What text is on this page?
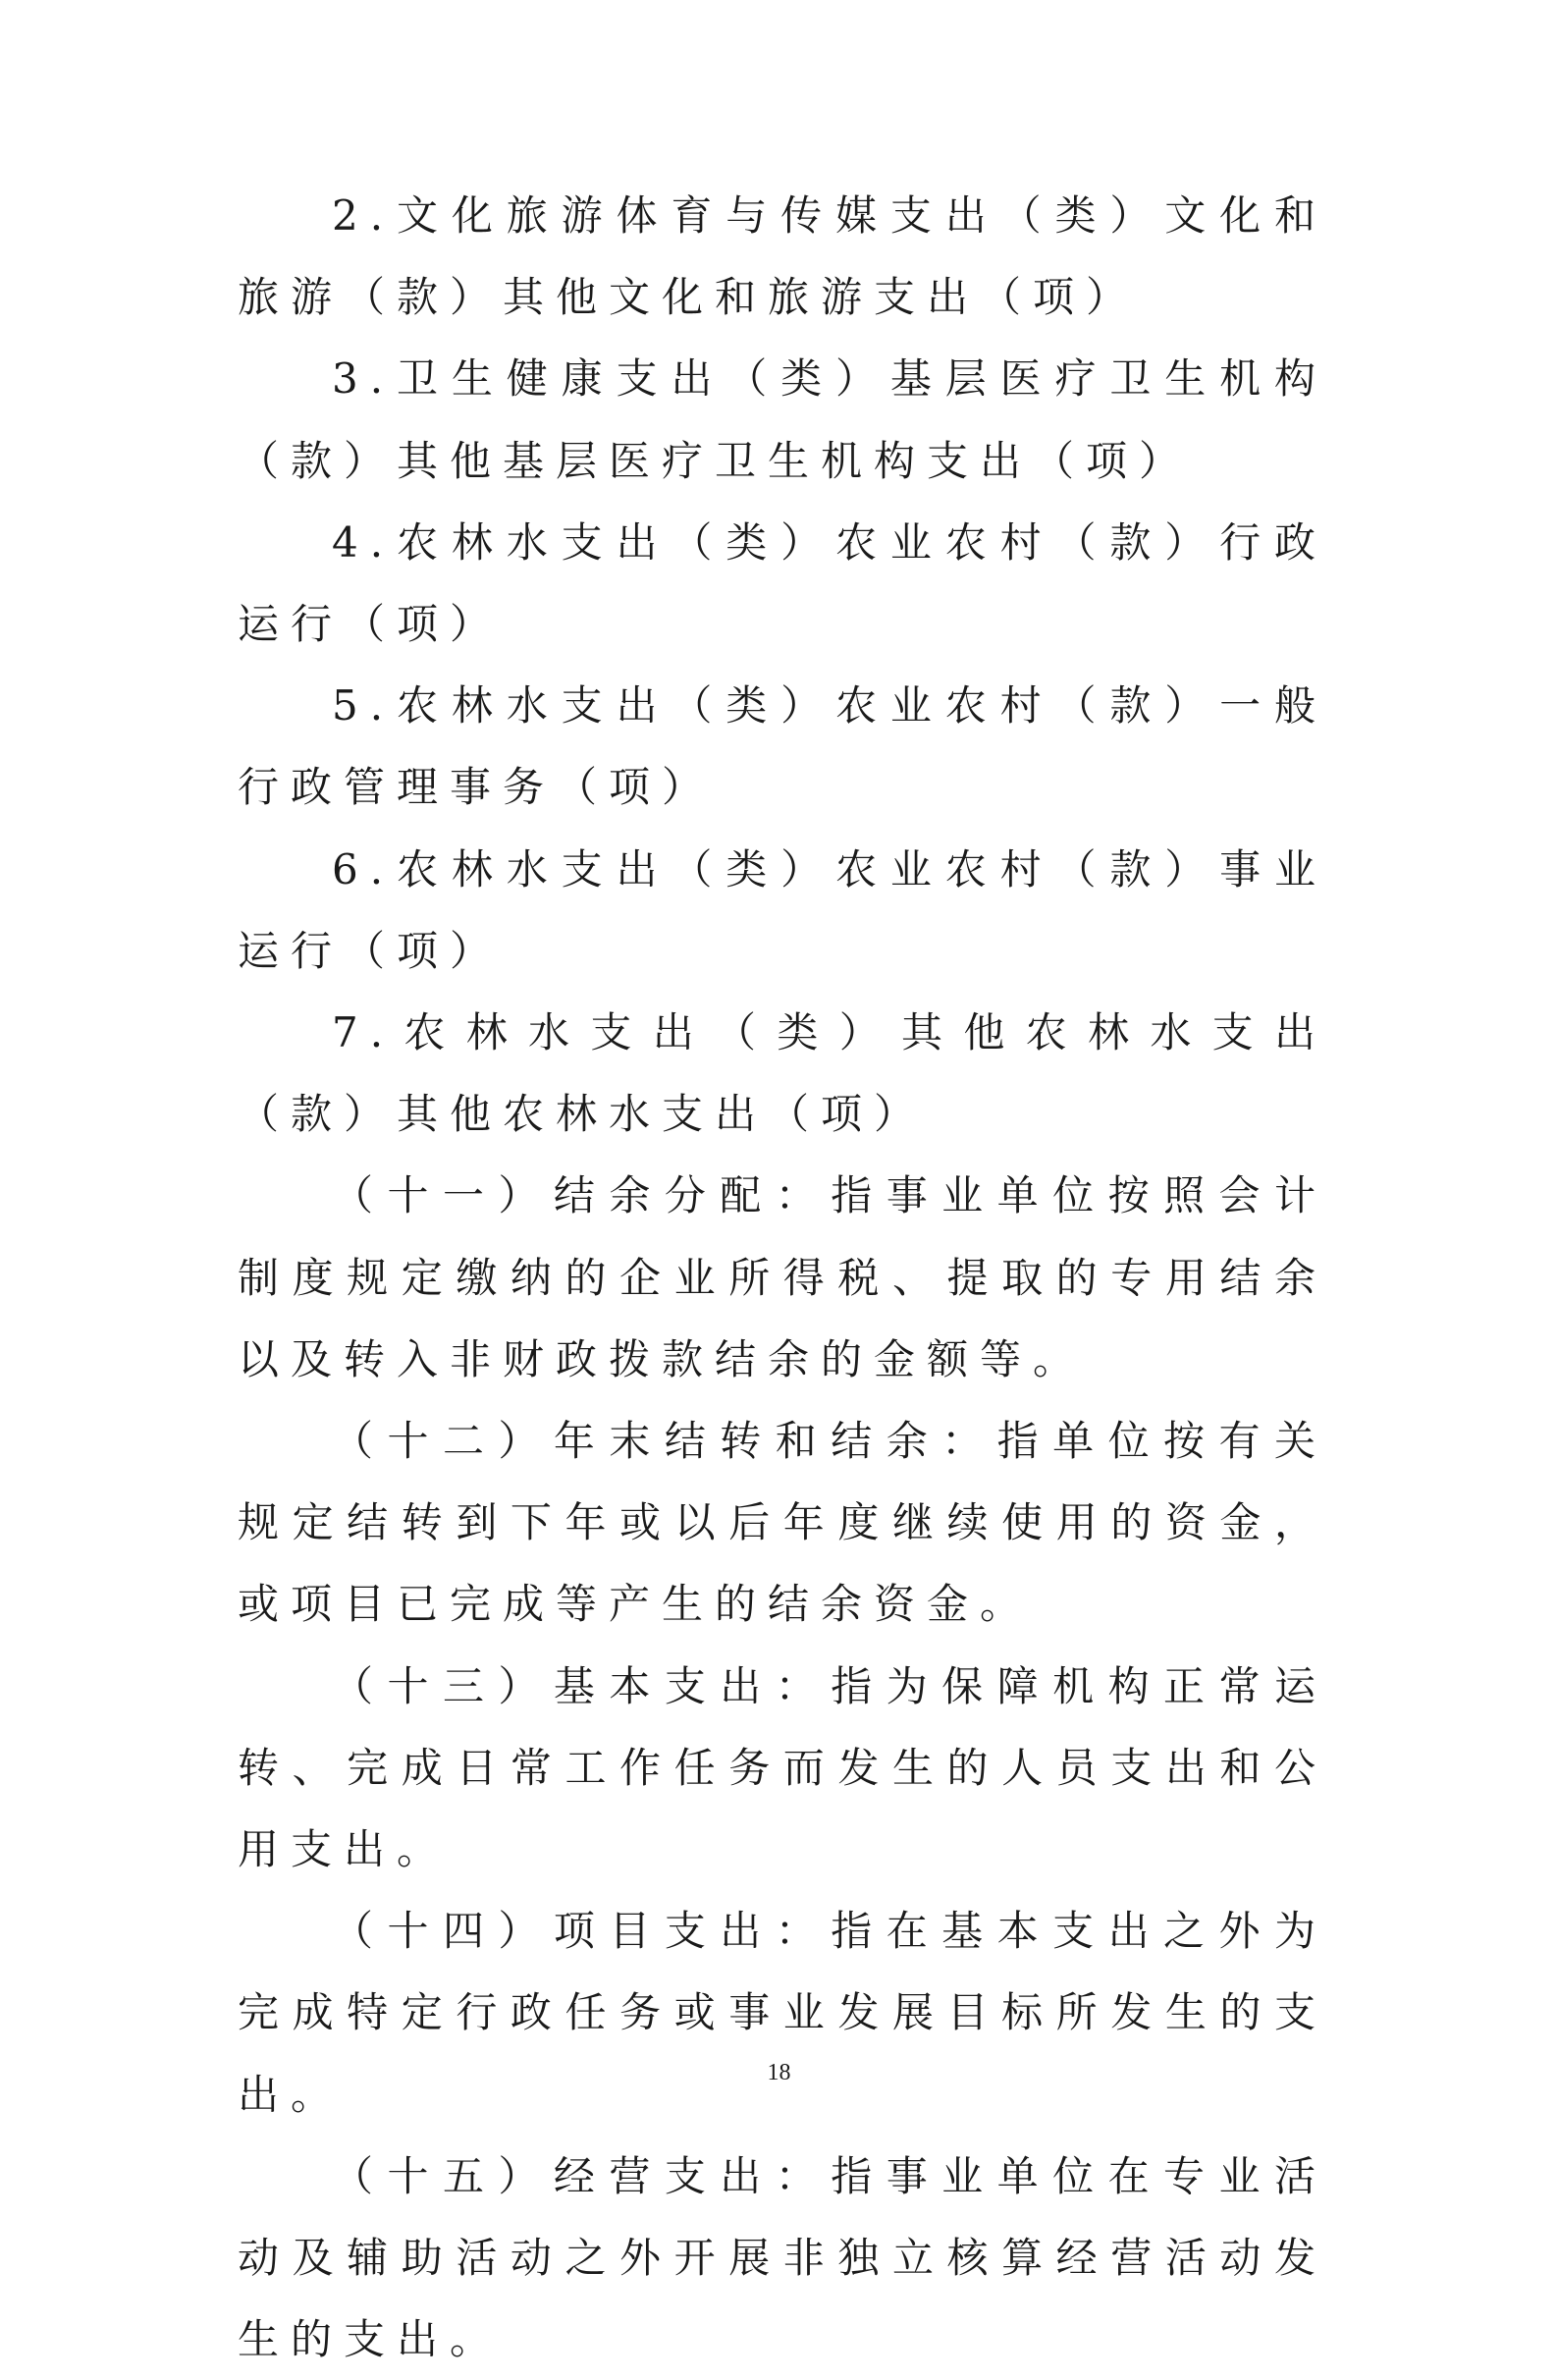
2.文化旅游体育与传媒支出（类）文化和旅游（款）其他文化和旅游支出（项）

3.卫生健康支出（类）基层医疗卫生机构（款）其他基层医疗卫生机构支出（项）

4.农林水支出（类）农业农村（款）行政运行（项）

5.农林水支出（类）农业农村（款）一般行政管理事务（项）

6.农林水支出（类）农业农村（款）事业运行（项）

7.农林水支出（类）其他农林水支出（款）其他农林水支出（项）

（十一）结余分配：指事业单位按照会计制度规定缴纳的企业所得税、提取的专用结余以及转入非财政拨款结余的金额等。

（十二）年末结转和结余：指单位按有关规定结转到下年或以后年度继续使用的资金，或项目已完成等产生的结余资金。

（十三）基本支出：指为保障机构正常运转、完成日常工作任务而发生的人员支出和公用支出。

（十四）项目支出：指在基本支出之外为完成特定行政任务或事业发展目标所发生的支出。

（十五）经营支出：指事业单位在专业活动及辅助活动之外开展非独立核算经营活动发生的支出。

18
